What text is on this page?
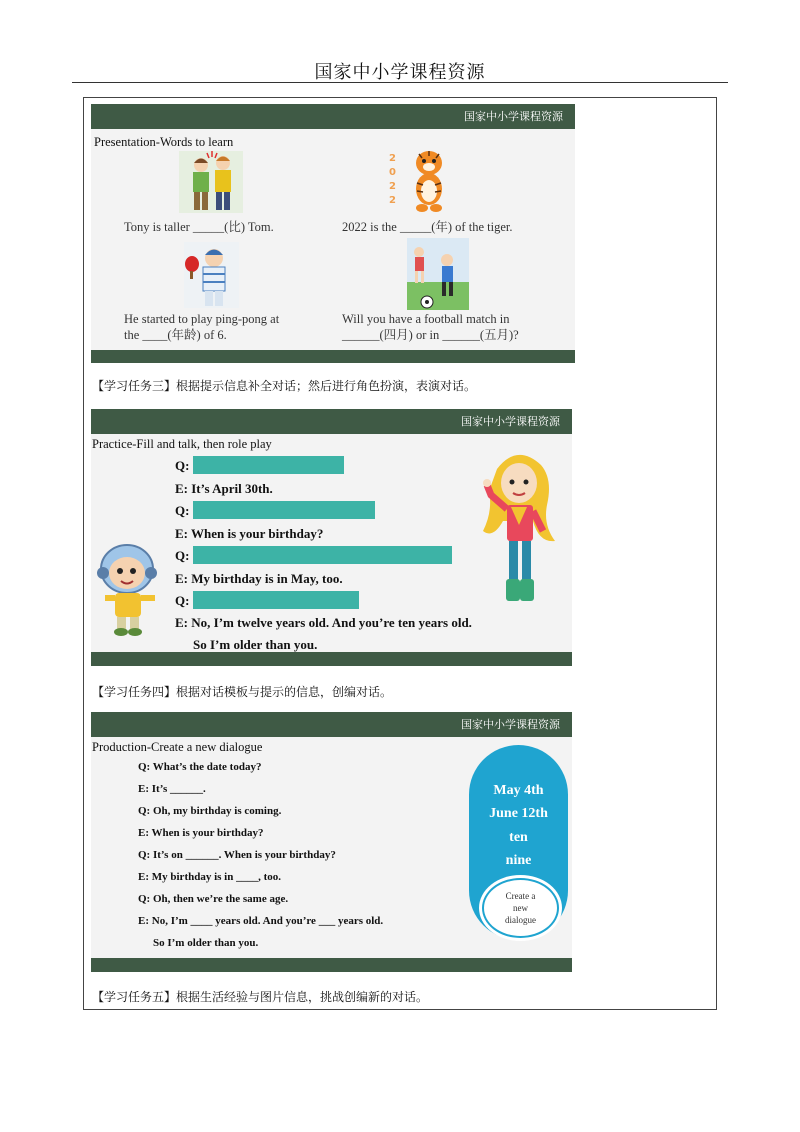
国家中小学课程资源
国家中小学课程资源
Presentation-Words to learn
Tony is taller _____(比) Tom.
2
0
2
2
2022 is the _____(年) of the tiger.
He started to play ping-pong at
the ____(年龄) of 6.
Will you have a football match in
______(四月) or in ______(五月)?
【学习任务三】根据提示信息补全对话；然后进行角色扮演，表演对话。
国家中小学课程资源
Practice-Fill and talk, then role play
Q:
E: It’s April 30th.
Q:
E: When is your birthday?
Q:
E: My birthday is in May, too.
Q:
E: No, I’m twelve years old. And you’re ten years old.
So I’m older than you.
【学习任务四】根据对话模板与提示的信息，创编对话。
国家中小学课程资源
Production-Create a new dialogue
Q: What’s the date today?
E: It’s ______.
Q: Oh, my birthday is coming.
E: When is your birthday?
Q: It’s on ______. When is your birthday?
E: My birthday is in ____, too.
Q: Oh, then we’re the same age.
E: No, I’m ____ years old. And you’re ___ years old.
So I’m older than you.
May 4th
June 12th
ten
nine
Create a
new
dialogue
【学习任务五】根据生活经验与图片信息，挑战创编新的对话。
